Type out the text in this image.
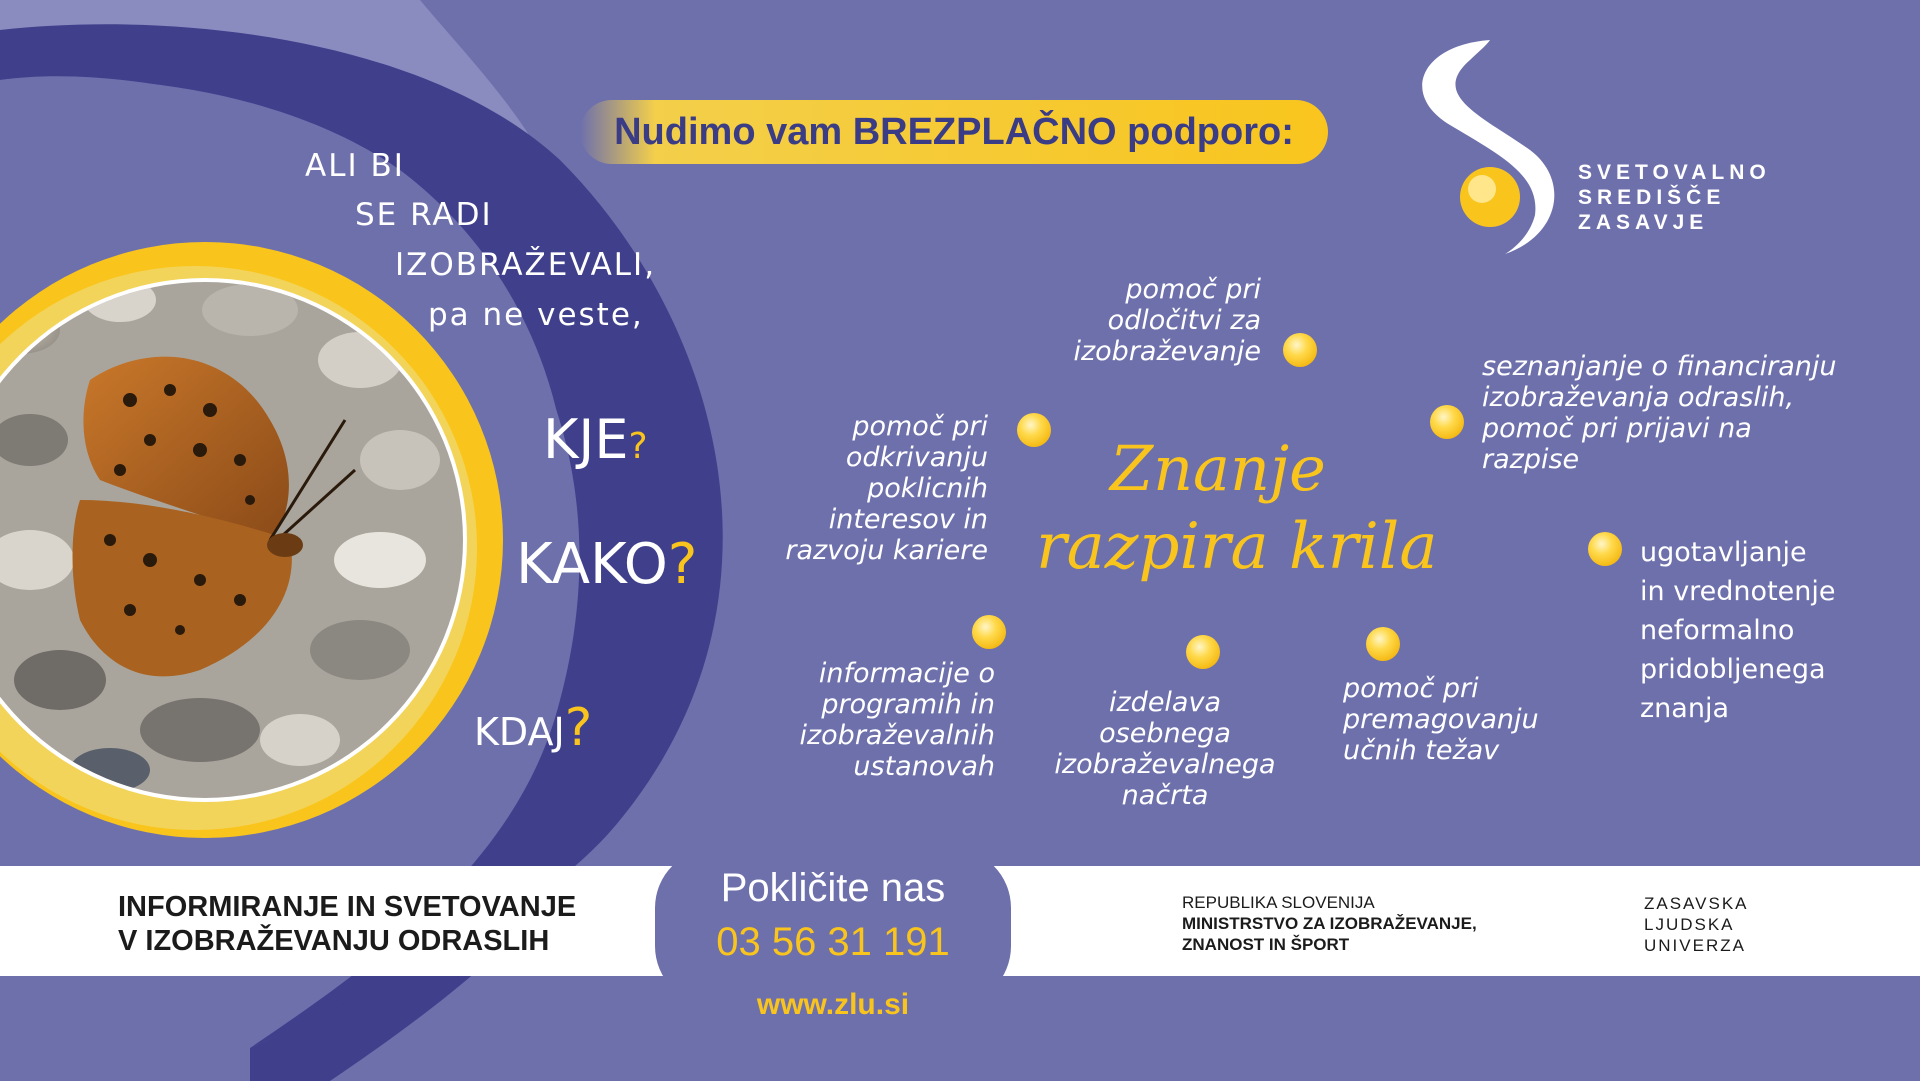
SVETOVALNO
SREDIŠČE
ZASAVJE
Nudimo vam BREZPLAČNO podporo:
ALI BI
SE RADI
IZOBRAŽEVALI,
pa ne veste,
KJE?
KAKO?
KDAJ?
Znanje
razpira krila
pomoč pri
odločitvi za
izobraževanje	seznanjanje o financiranju
izobraževanja odraslih,
pomoč pri prijavi na
razpise
pomoč pri
odkrivanju
poklicnih
interesov in
razvoju kariere	ugotavljanje
in vrednotenje
neformalno
pridobljenega
znanja
informacije o
programih in
izobraževalnih
ustanovah
izdelava
osebnega
izobraževalnega
načrta
pomoč pri
premagovanju
učnih težav
INFORMIRANJE IN SVETOVANJE
V IZOBRAŽEVANJU ODRASLIH
Pokličite nas
03 56 31 191
www.zlu.si
REPUBLIKA SLOVENIJA
MINISTRSTVO ZA IZOBRAŽEVANJE,
ZNANOST IN ŠPORT
ZASAVSKA
LJUDSKA
UNIVERZA
